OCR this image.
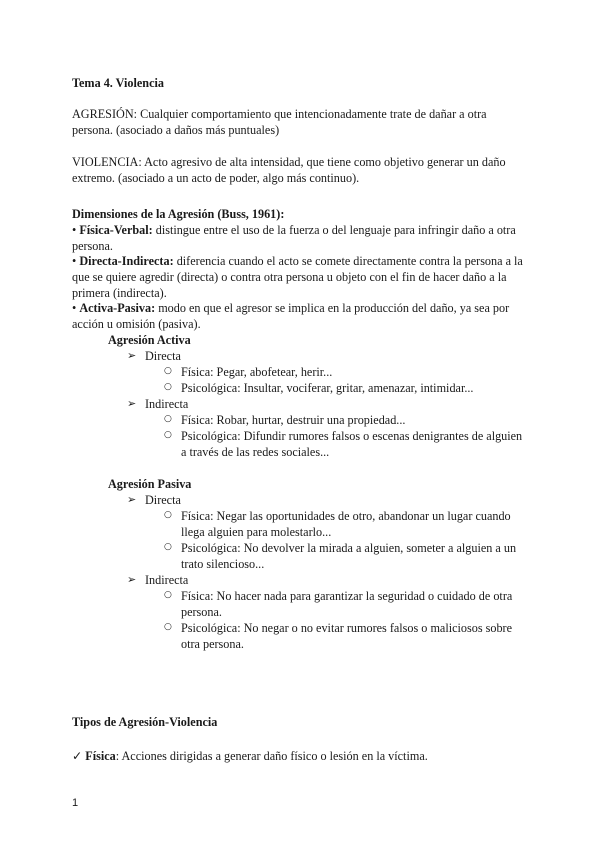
Tema 4. Violencia
AGRESIÓN: Cualquier comportamiento que intencionadamente trate de dañar a otra
persona. (asociado a daños más puntuales)
VIOLENCIA: Acto agresivo de alta intensidad, que tiene como objetivo generar un daño
extremo. (asociado a un acto de poder, algo más continuo).
Dimensiones de la Agresión (Buss, 1961):
• Física-Verbal: distingue entre el uso de la fuerza o del lenguaje para infringir daño a otra
persona.
• Directa-Indirecta: diferencia cuando el acto se comete directamente contra la persona a la
que se quiere agredir (directa) o contra otra persona u objeto con el fin de hacer daño a la
primera (indirecta).
• Activa-Pasiva: modo en que el agresor se implica en la producción del daño, ya sea por
acción u omisión (pasiva).
Agresión Activa
➢ Directa
○ Física: Pegar, abofetear, herir...
○ Psicológica: Insultar, vociferar, gritar, amenazar, intimidar...
➢ Indirecta
○ Física: Robar, hurtar, destruir una propiedad...
○ Psicológica: Difundir rumores falsos o escenas denigrantes de alguien
a través de las redes sociales...
Agresión Pasiva
➢ Directa
○ Física: Negar las oportunidades de otro, abandonar un lugar cuando
llega alguien para molestarlo...
○ Psicológica: No devolver la mirada a alguien, someter a alguien a un
trato silencioso...
➢ Indirecta
○ Física: No hacer nada para garantizar la seguridad o cuidado de otra
persona.
○ Psicológica: No negar o no evitar rumores falsos o maliciosos sobre
otra persona.
Tipos de Agresión-Violencia
✓ Física: Acciones dirigidas a generar daño físico o lesión en la víctima.
1
